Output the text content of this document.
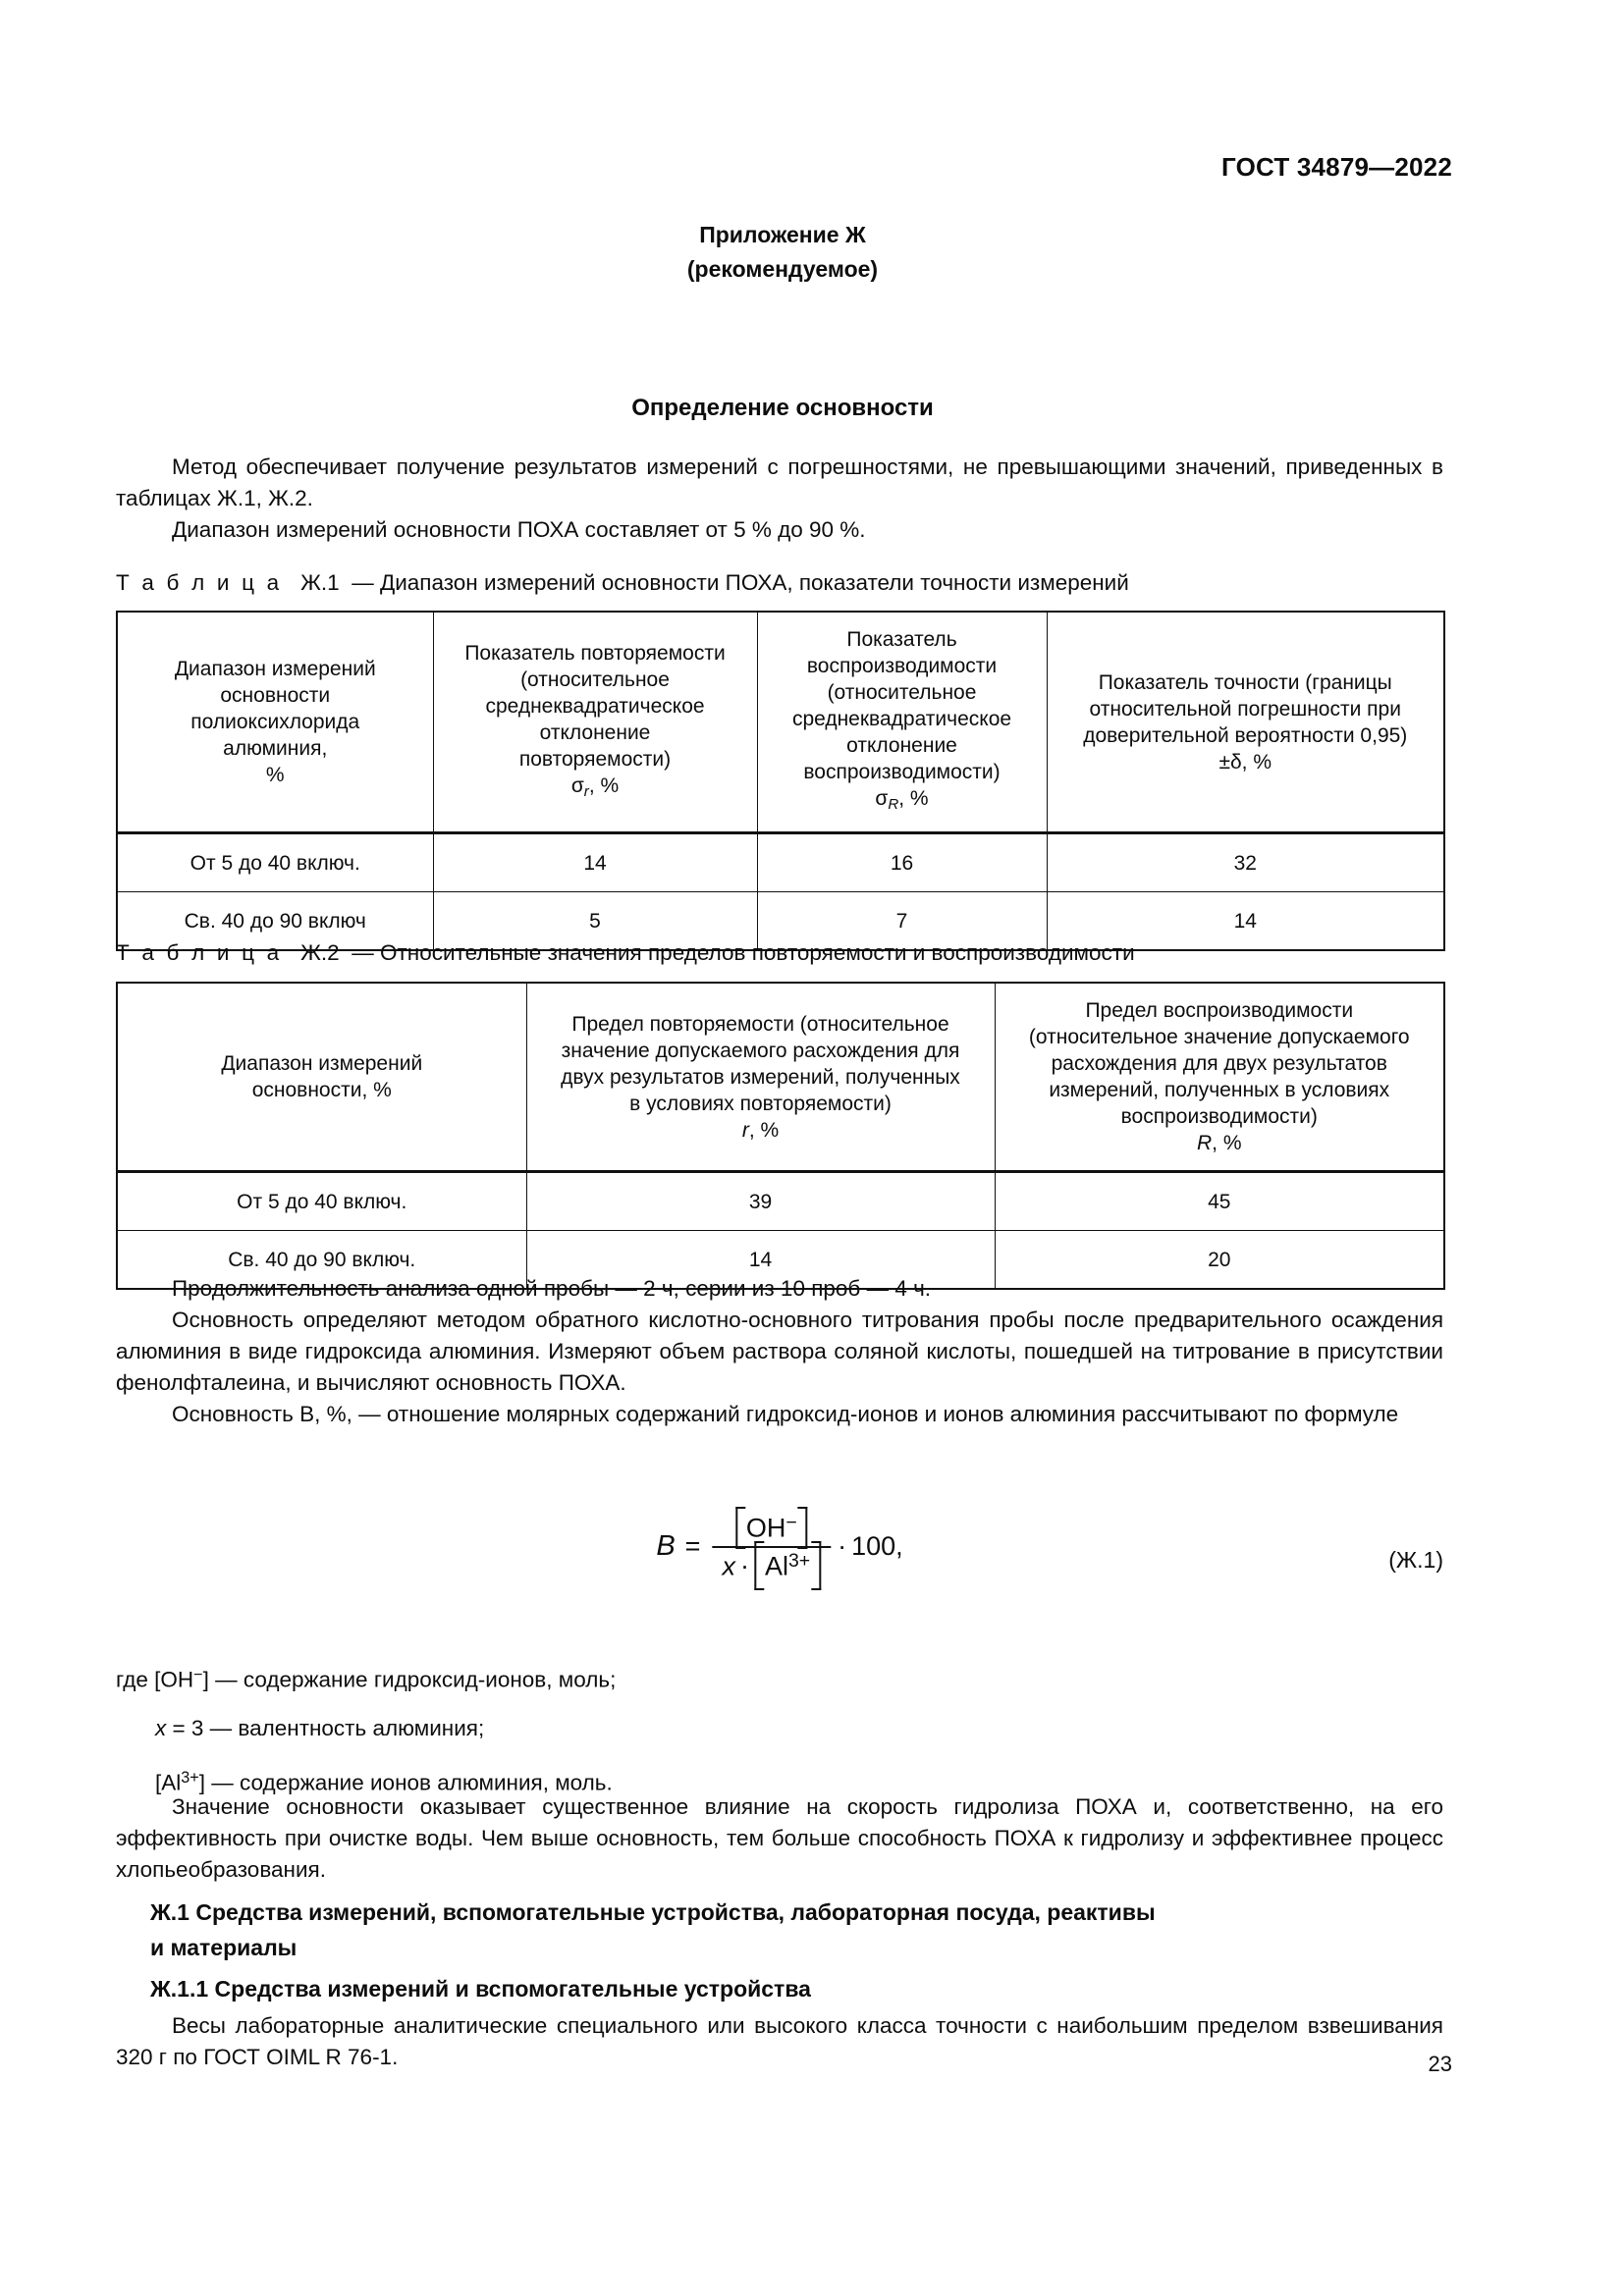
ГОСТ 34879—2022
Приложение Ж
(рекомендуемое)
Определение основности

Метод обеспечивает получение результатов измерений с погрешностями, не превышающими значений, приведенных в таблицах Ж.1, Ж.2.

Диапазон измерений основности ПОХА составляет от 5 % до 90 %.

Т а б л и ц а Ж.1 — Диапазон измерений основности ПОХА, показатели точности измерений

Диапазон измерений
основности
полиоксихлорида
алюминия,
%	Показатель повторяемости
(относительное
среднеквадратическое
отклонение
повторяемости)
$\sigma_r$, %	Показатель
воспроизводимости
(относительное
среднеквадратическое
отклонение
воспроизводимости)
$\sigma_R$, %	Показатель точности (границы
относительной погрешности при
доверительной вероятности 0,95)
±δ, %
От 5 до 40 включ.	14	16	32
Св. 40 до 90 включ	5	7	14

Т а б л и ц а Ж.2 — Относительные значения пределов повторяемости и воспроизводимости

Диапазон измерений
основности, %	Предел повторяемости (относительное
значение допускаемого расхождения для
двух результатов измерений, полученных
в условиях повторяемости)
r, %	Предел воспроизводимости
(относительное значение допускаемого
расхождения для двух результатов
измерений, полученных в условиях
воспроизводимости)
R, %
От 5 до 40 включ.	39	45
Св. 40 до 90 включ.	14	20

Продолжительность анализа одной пробы — 2 ч, серии из 10 проб — 4 ч.

Основность определяют методом обратного кислотно-основного титрования пробы после предварительного осаждения алюминия в виде гидроксида алюминия. Измеряют объем раствора соляной кислоты, пошедшей на титрование в присутствии фенолфталеина, и вычисляют основность ПОХА.

Основность В, %, — отношение молярных содержаний гидроксид-ионов и ионов алюминия рассчитывают по формуле

$B = \frac{OH^-}{x \cdot Al^{3+}} \cdot 100$,	(Ж.1)

где [OH−] — содержание гидроксид-ионов, моль;

x = 3 — валентность алюминия;

$[Al^{3+}]$ — содержание ионов алюминия, моль.

Значение основности оказывает существенное влияние на скорость гидролиза ПОХА и, соответственно, на его эффективность при очистке воды. Чем выше основность, тем больше способность ПОХА к гидролизу и эффективнее процесс хлопьеобразования.

Ж.1 Средства измерений, вспомогательные устройства, лабораторная посуда, реактивы

и материалы

Ж.1.1 Средства измерений и вспомогательные устройства

Весы лабораторные аналитические специального или высокого класса точности с наибольшим пределом взвешивания 320 г по ГОСТ OIML R 76-1.	23
